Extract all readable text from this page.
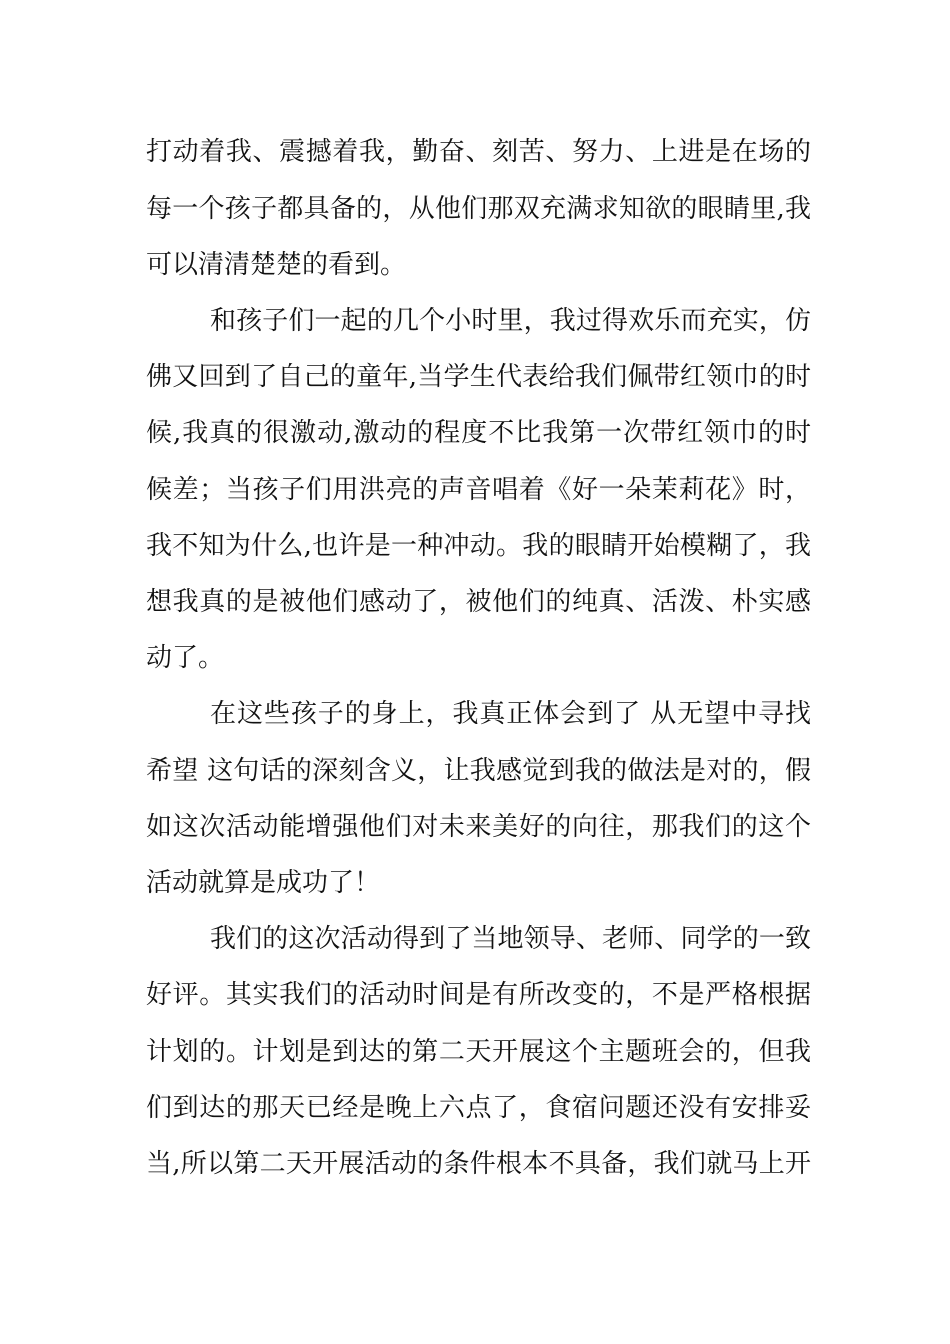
打动着我、震撼着我，勤奋、刻苦、努力、上进是在场的
每一个孩子都具备的，从他们那双充满求知欲的眼睛里,我
可以清清楚楚的看到。
和孩子们一起的几个小时里，我过得欢乐而充实，仿
佛又回到了自己的童年,当学生代表给我们佩带红领巾的时
候,我真的很激动,激动的程度不比我第一次带红领巾的时
候差；当孩子们用洪亮的声音唱着《好一朵茉莉花》时，
我不知为什么,也许是一种冲动。我的眼睛开始模糊了，我
想我真的是被他们感动了，被他们的纯真、活泼、朴实感
动了。
在这些孩子的身上，我真正体会到了 从无望中寻找
希望 这句话的深刻含义，让我感觉到我的做法是对的，假
如这次活动能增强他们对未来美好的向往，那我们的这个
活动就算是成功了！
我们的这次活动得到了当地领导、老师、同学的一致
好评。其实我们的活动时间是有所改变的，不是严格根据
计划的。计划是到达的第二天开展这个主题班会的，但我
们到达的那天已经是晚上六点了，食宿问题还没有安排妥
当,所以第二天开展活动的条件根本不具备，我们就马上开
